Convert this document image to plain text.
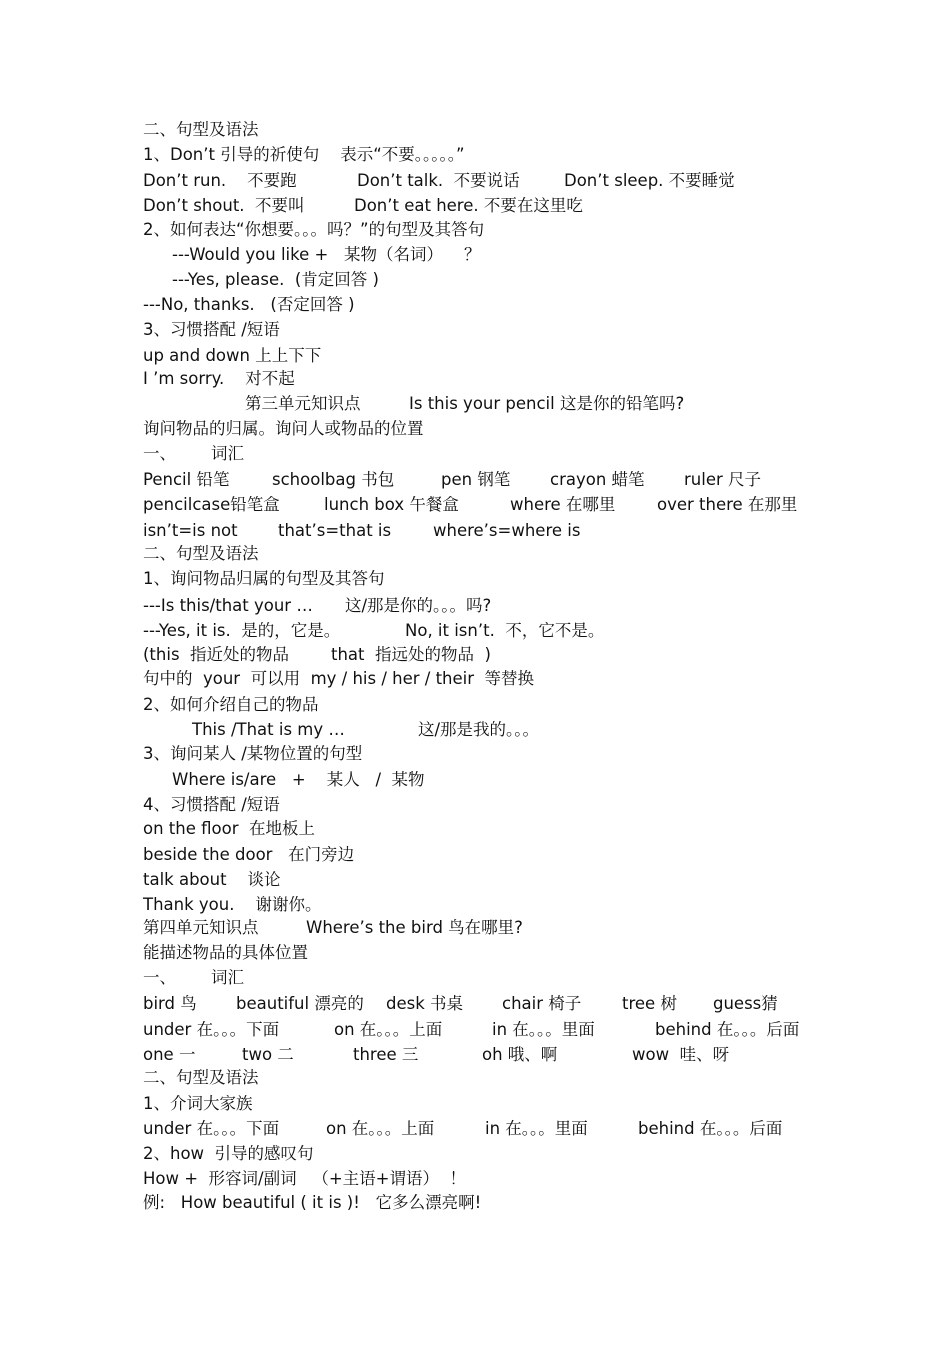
二、句型及语法
1、Don’t 引导的祈使句    表示“不要。。。。。”

Don’t run.    不要跑

	Don’t talk.  不要说话

	Don’t sleep. 不要睡觉

Don’t shout.  不要叫

	Don’t eat here. 不要在这里吃

2、如何表达“你想要。。。吗？”的句型及其答句
---Would you like +   某物（名词）    ？
---Yes, please.  (肯定回答 )
---No, thanks.   (否定回答 )
3、习惯搭配 /短语
up and down 上上下下
I ’m sorry.    对不起

第三单元知识点

	Is this your pencil 这是你的铅笔吗?

询问物品的归属。询问人或物品的位置

一、

词汇

Pencil 铅笔

	schoolbag 书包

	pen 钢笔

crayon 蜡笔

ruler 尺子

pencilcase铅笔盒

	lunch box 午餐盒

	where 在哪里

	over there 在那里

isn’t=is not

that’s=that is

	where’s=where is

二、句型及语法
1、询问物品归属的句型及其答句

---Is this/that your …

这/那是你的。。。吗?

---Yes, it is.  是的，它是。

	No, it isn’t.  不，它不是。

(this  指近处的物品

	that  指远处的物品  )

句中的  your  可以用  my / his / her / their  等替换
2、如何介绍自己的物品

This /That is my …

	这/那是我的。。。

3、询问某人 /某物位置的句型
Where is/are   +    某人   /  某物
4、习惯搭配 /短语
on the floor  在地板上
beside the door   在门旁边
talk about    谈论
Thank you.    谢谢你。

第四单元知识点

	Where’s the bird 鸟在哪里?

能描述物品的具体位置

一、

词汇

bird 鸟

beautiful 漂亮的

desk 书桌

chair 椅子

tree 树

guess猜

under 在。。。下面

	on 在。。。上面

	in 在。。。里面

	behind 在。。。后面

one 一

	two 二

	three 三

	oh 哦、啊

	wow  哇、呀

二、句型及语法
1、介词大家族

under 在。。。下面

	on 在。。。上面

	in 在。。。里面

	behind 在。。。后面

2、how  引导的感叹句
How +  形容词/副词   （+主语+谓语）  ！
例:   How beautiful ( it is )!   它多么漂亮啊!
